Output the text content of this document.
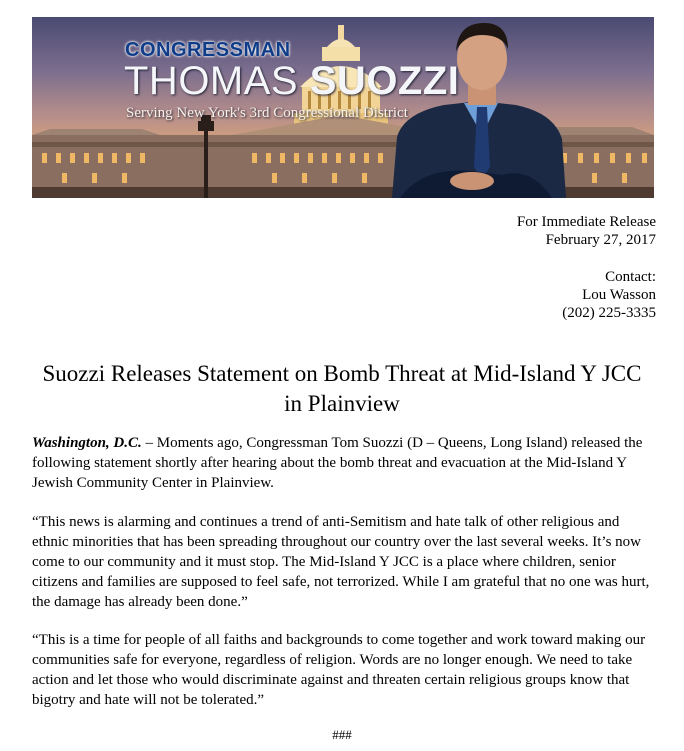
CONGRESSMAN
THOMAS SUOZZI
Serving New York's 3rd Congressional District
For Immediate Release
February 27, 2017
Contact:
Lou Wasson
(202) 225-3335
Suozzi Releases Statement on Bomb Threat at Mid-Island Y JCC in Plainview
Washington, D.C. – Moments ago, Congressman Tom Suozzi (D – Queens, Long Island) released the following statement shortly after hearing about the bomb threat and evacuation at the Mid-Island Y Jewish Community Center in Plainview.
“This news is alarming and continues a trend of anti-Semitism and hate talk of other religious and ethnic minorities that has been spreading throughout our country over the last several weeks. It’s now come to our community and it must stop. The Mid-Island Y JCC is a place where children, senior citizens and families are supposed to feel safe, not terrorized. While I am grateful that no one was hurt, the damage has already been done.”
“This is a time for people of all faiths and backgrounds to come together and work toward making our communities safe for everyone, regardless of religion. Words are no longer enough. We need to take action and let those who would discriminate against and threaten certain religious groups know that bigotry and hate will not be tolerated.”
###
